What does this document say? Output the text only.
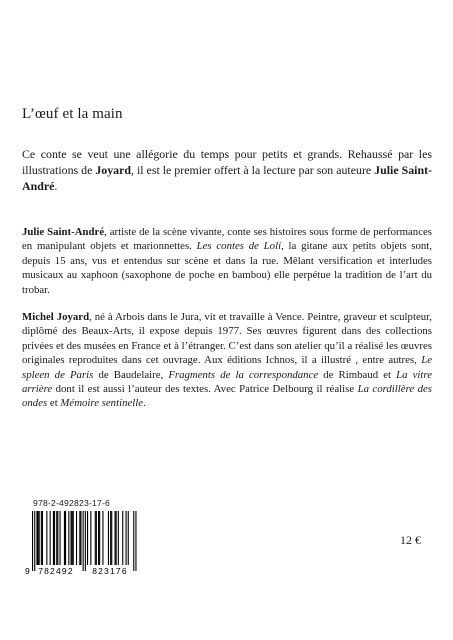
L’œuf et la main

Ce conte se veut une allégorie du temps pour petits et grands. Rehaussé par les illustrations de Joyard, il est le premier offert à la lecture par son auteure Julie Saint-André.

Julie Saint-André, artiste de la scène vivante, conte ses histoires sous forme de performances en manipulant objets et marionnettes. Les contes de Loli, la gitane aux petits objets sont, depuis 15 ans, vus et entendus sur scène et dans la rue. Mêlant versification et interludes musicaux au xaphoon (saxophone de poche en bambou) elle perpétue la tradition de l’art du trobar.

Michel Joyard, né à Arbois dans le Jura, vit et travaille à Vence. Peintre, graveur et sculpteur, diplômé des Beaux-Arts, il expose depuis 1977. Ses œuvres figurent dans des collections privées et des musées en France et à l’étranger. C’est dans son atelier qu’il a réalisé les œuvres originales reproduites dans cet ouvrage. Aux éditions Ichnos, il a illustré , entre autres, Le spleen de Paris de Baudelaire, Fragments de la correspondance de Rimbaud et La vitre arrière dont il est aussi l’auteur des textes. Avec Patrice Delbourg il réalise La cordillère des ondes et Mémoire sentinelle.

978-2-492823-17-6
9 782492 823176
12 €
